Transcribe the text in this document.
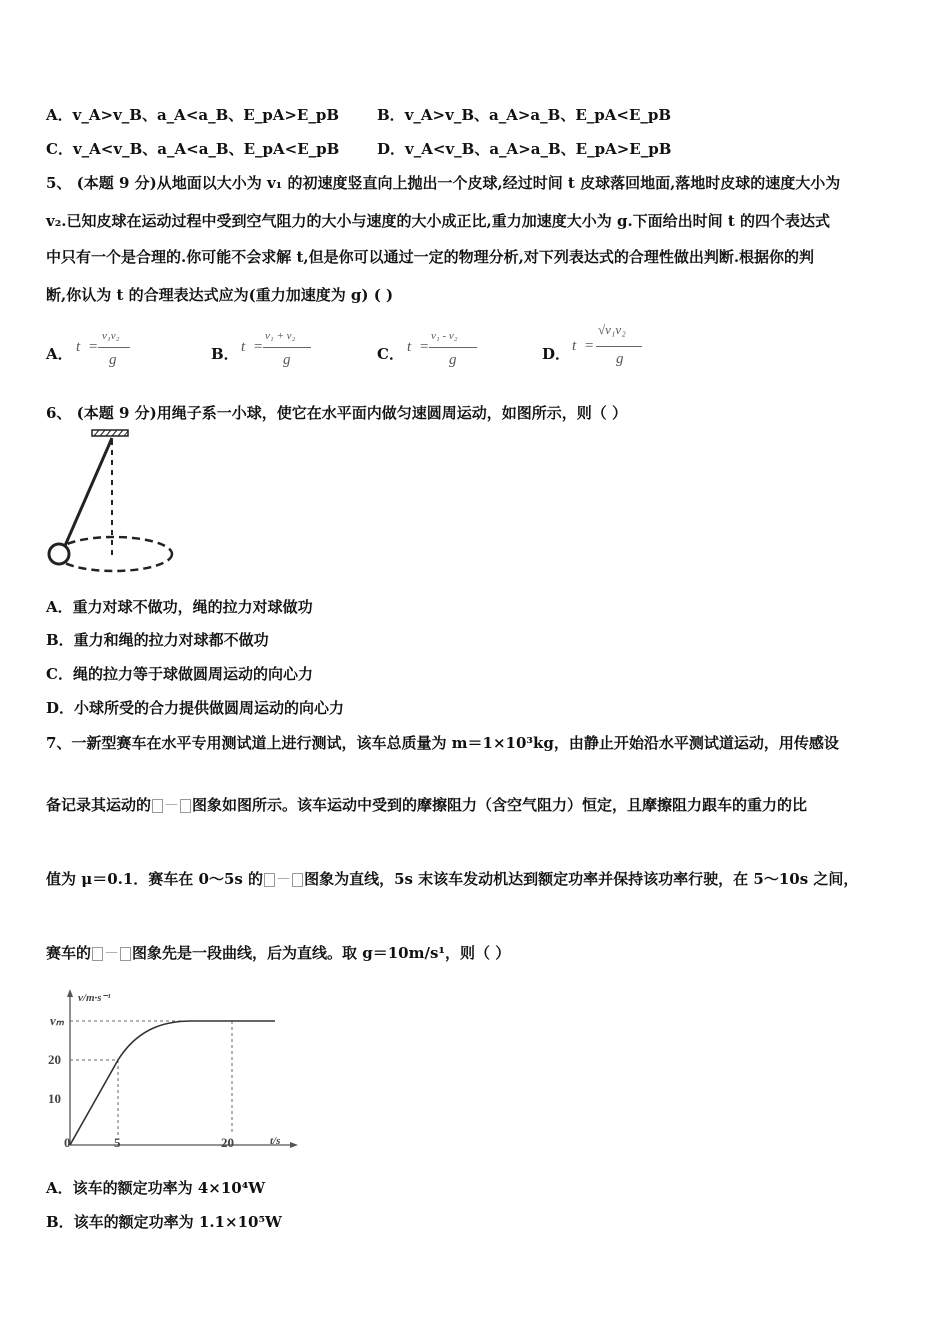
A．v_A>v_B、a_A<a_B、E_pA>E_pB	B．v_A>v_B、a_A>a_B、E_pA<E_pB
C．v_A<v_B、a_A<a_B、E_pA<E_pB	D．v_A<v_B、a_A>a_B、E_pA>E_pB
5、 (本题 9 分)从地面以大小为 v₁ 的初速度竖直向上抛出一个皮球,经过时间 t 皮球落回地面,落地时皮球的速度大小为
v₂.已知皮球在运动过程中受到空气阻力的大小与速度的大小成正比,重力加速度大小为 g.下面给出时间 t 的四个表达式
中只有一个是合理的.你可能不会求解 t,但是你可以通过一定的物理分析,对下列表达式的合理性做出判断.根据你的判
断,你认为 t 的合理表达式应为(重力加速度为 g) ( )
A． t =
v₁v₂
g	B． t =
v₁ + v₂
g	C． t =
v₁ - v₂
g	D． t =
√v₁v₂
g
6、 (本题 9 分)用绳子系一小球，使它在水平面内做匀速圆周运动，如图所示，则（ ）
A．重力对球不做功，绳的拉力对球做功
B．重力和绳的拉力对球都不做功
C．绳的拉力等于球做圆周运动的向心力
D．小球所受的合力提供做圆周运动的向心力
7、一新型赛车在水平专用测试道上进行测试，该车总质量为 m＝1×10³kg，由静止开始沿水平测试道运动，用传感设
备记录其运动的 － 图象如图所示。该车运动中受到的摩擦阻力（含空气阻力）恒定，且摩擦阻力跟车的重力的比
值为 μ＝0.1．赛车在 0～5s 的 － 图象为直线，5s 末该车发动机达到额定功率并保持该功率行驶，在 5～10s 之间，
赛车的 － 图象先是一段曲线，后为直线。取 g＝10m/s¹，则（ ）
v/m·s⁻¹
t/s
vₘ
20
10
0	5	20
A．该车的额定功率为 4×10⁴W
B．该车的额定功率为 1.1×10⁵W
